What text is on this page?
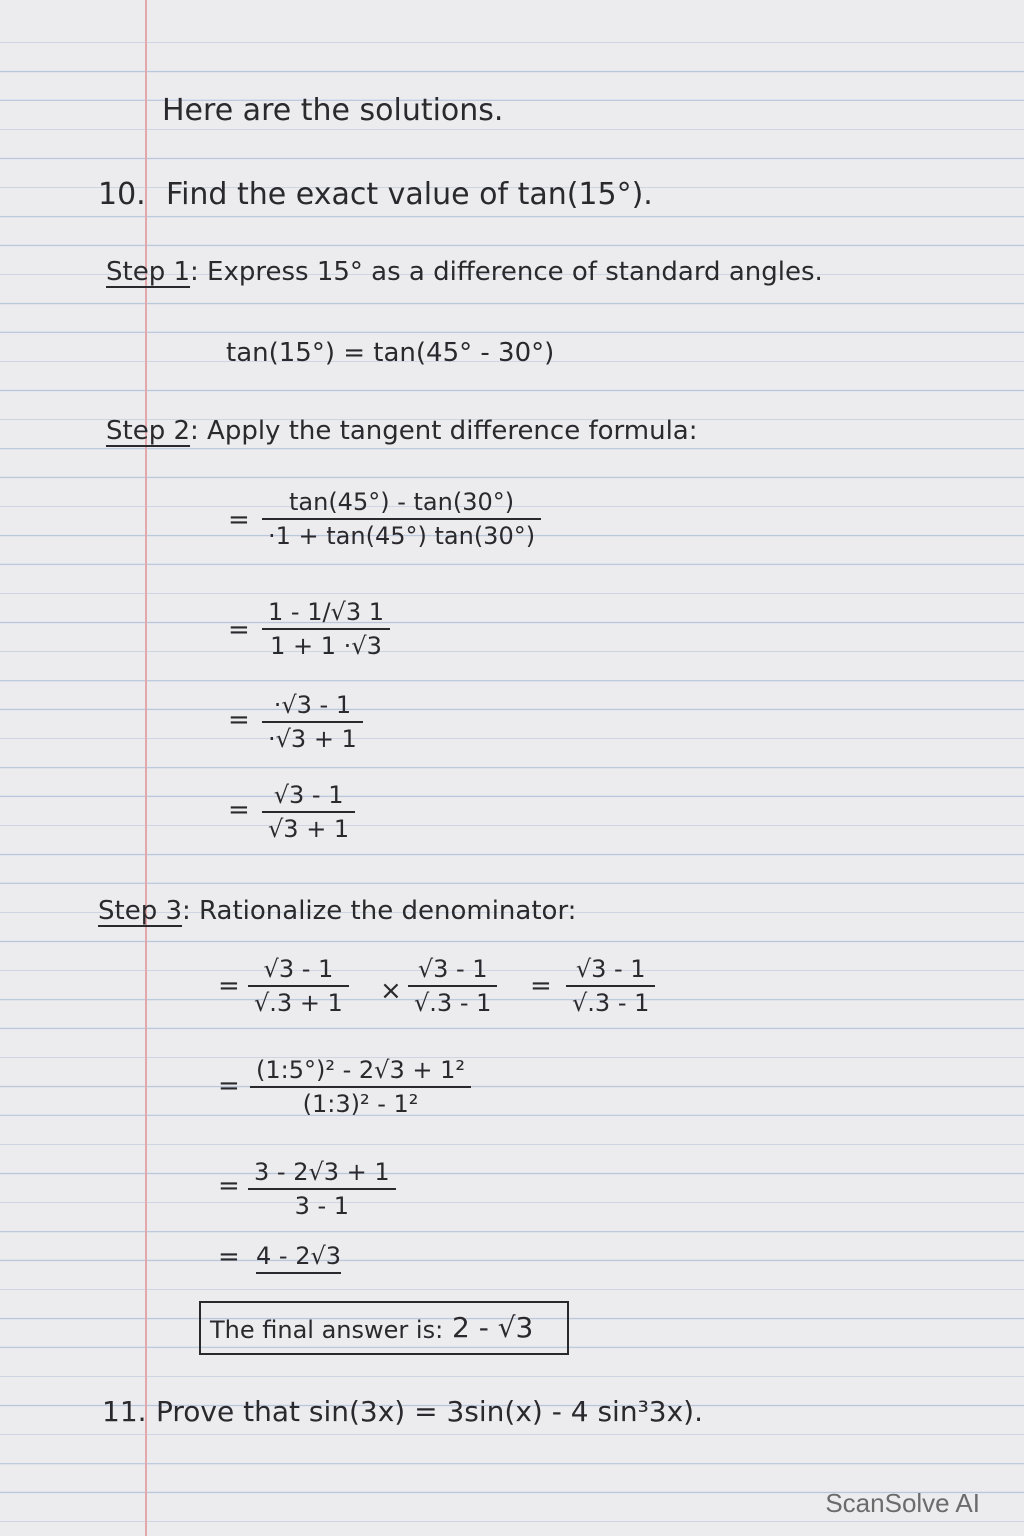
Here are the solutions.
10. Find the exact value of tan(15°).
Step 1: Express 15° as a difference of standard angles.
tan(15°) = tan(45° - 30°)
Step 2: Apply the tangent difference formula:
=
tan(45°) - tan(30°)
·1 + tan(45°) tan(30°)
=
1 - 1/√3 1
1 + 1 ·√3
= ·√3 - 1
·√3 + 1
= √3 - 1
√3 + 1
Step 3: Rationalize the denominator:
=
√3 - 1
√.3 + 1 ×
√3 - 1
√.3 - 1
=
√3 - 1
√.3 - 1
=
(1:5°)² - 2√3 + 1²
(1:3)² - 1²
= 3 - 2√3 + 1
3 - 1
= 4 - 2√3
The final answer is: 2 - √3
11. Prove that sin(3x) = 3sin(x) - 4 sin³3x).
ScanSolve AI
